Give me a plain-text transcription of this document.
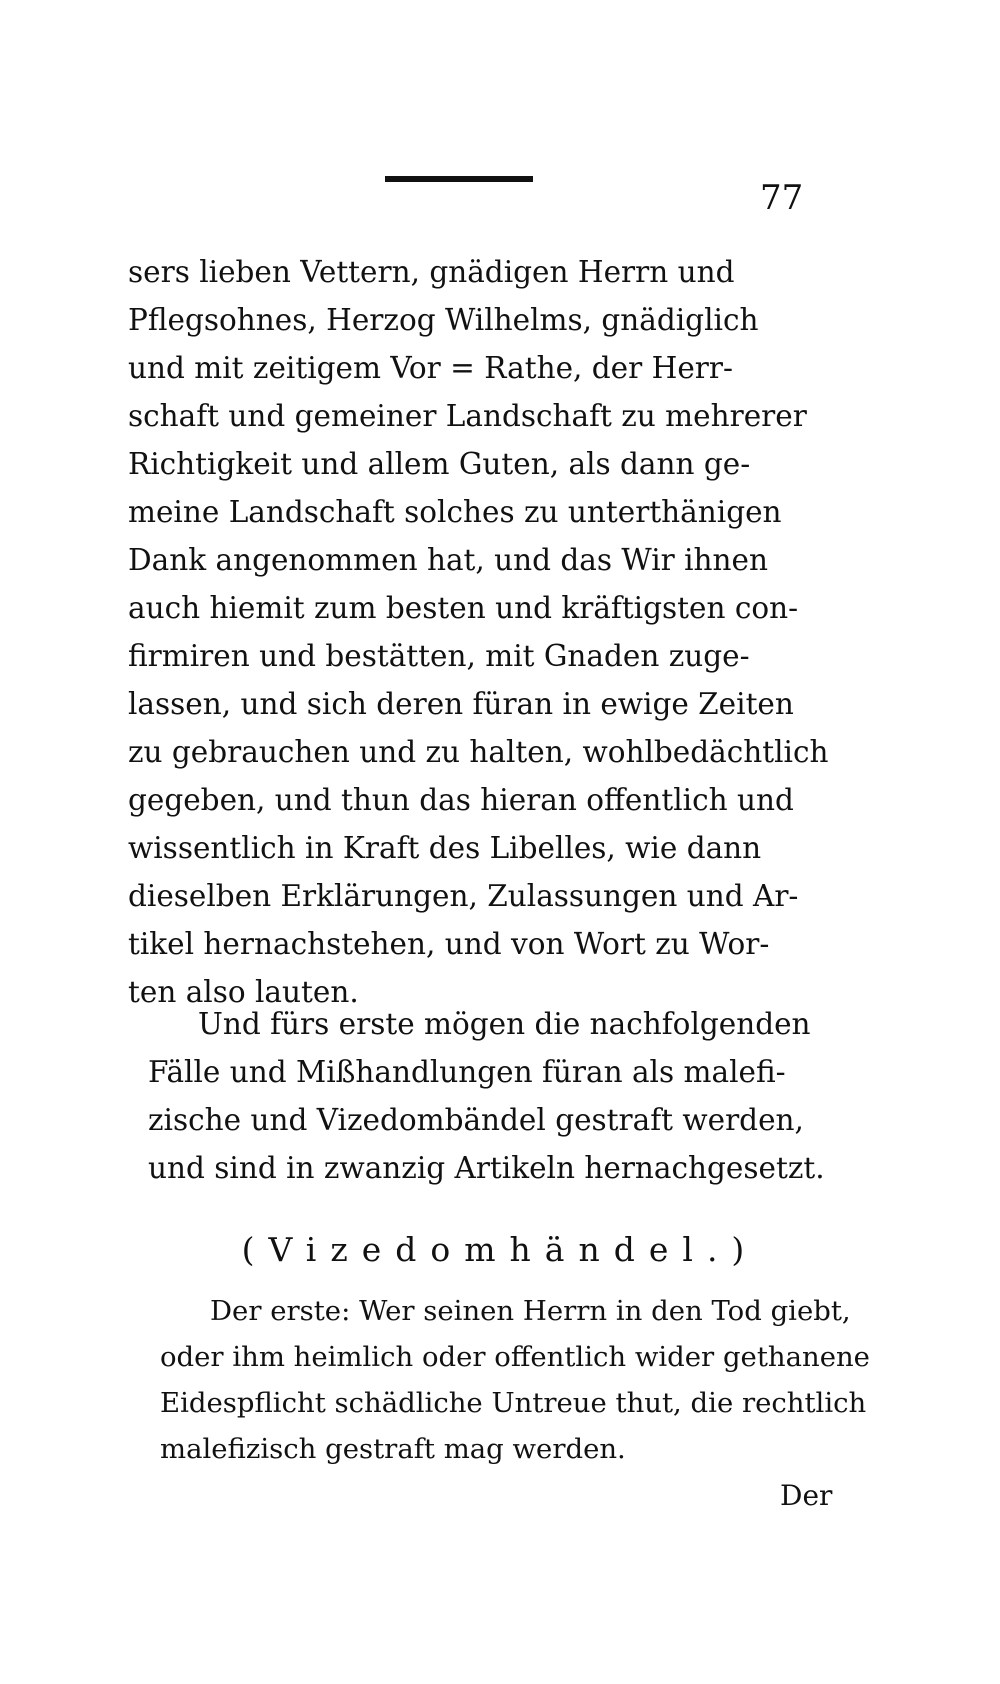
77
sers lieben Vettern, gnädigen Herrn und
Pflegsohnes, Herzog Wilhelms, gnädiglich
und mit zeitigem Vor = Rathe, der Herr-
schaft und gemeiner Landschaft zu mehrerer
Richtigkeit und allem Guten, als dann ge-
meine Landschaft solches zu unterthänigen
Dank angenommen hat, und das Wir ihnen
auch hiemit zum besten und kräftigsten con-
firmiren und bestätten, mit Gnaden zuge-
lassen, und sich deren füran in ewige Zeiten
zu gebrauchen und zu halten, wohlbedächtlich
gegeben, und thun das hieran offentlich und
wissentlich in Kraft des Libelles, wie dann
dieselben Erklärungen, Zulassungen und Ar-
tikel hernachstehen, und von Wort zu Wor-
ten also lauten.
Und fürs erste mögen die nachfolgenden
Fälle und Mißhandlungen füran als malefi-
zische und Vizedombändel gestraft werden,
und sind in zwanzig Artikeln hernachgesetzt.
(Vizedomhändel.)
Der erste: Wer seinen Herrn in den Tod giebt,
oder ihm heimlich oder offentlich wider gethanene
Eidespflicht schädliche Untreue thut, die rechtlich
malefizisch gestraft mag werden.
Der
